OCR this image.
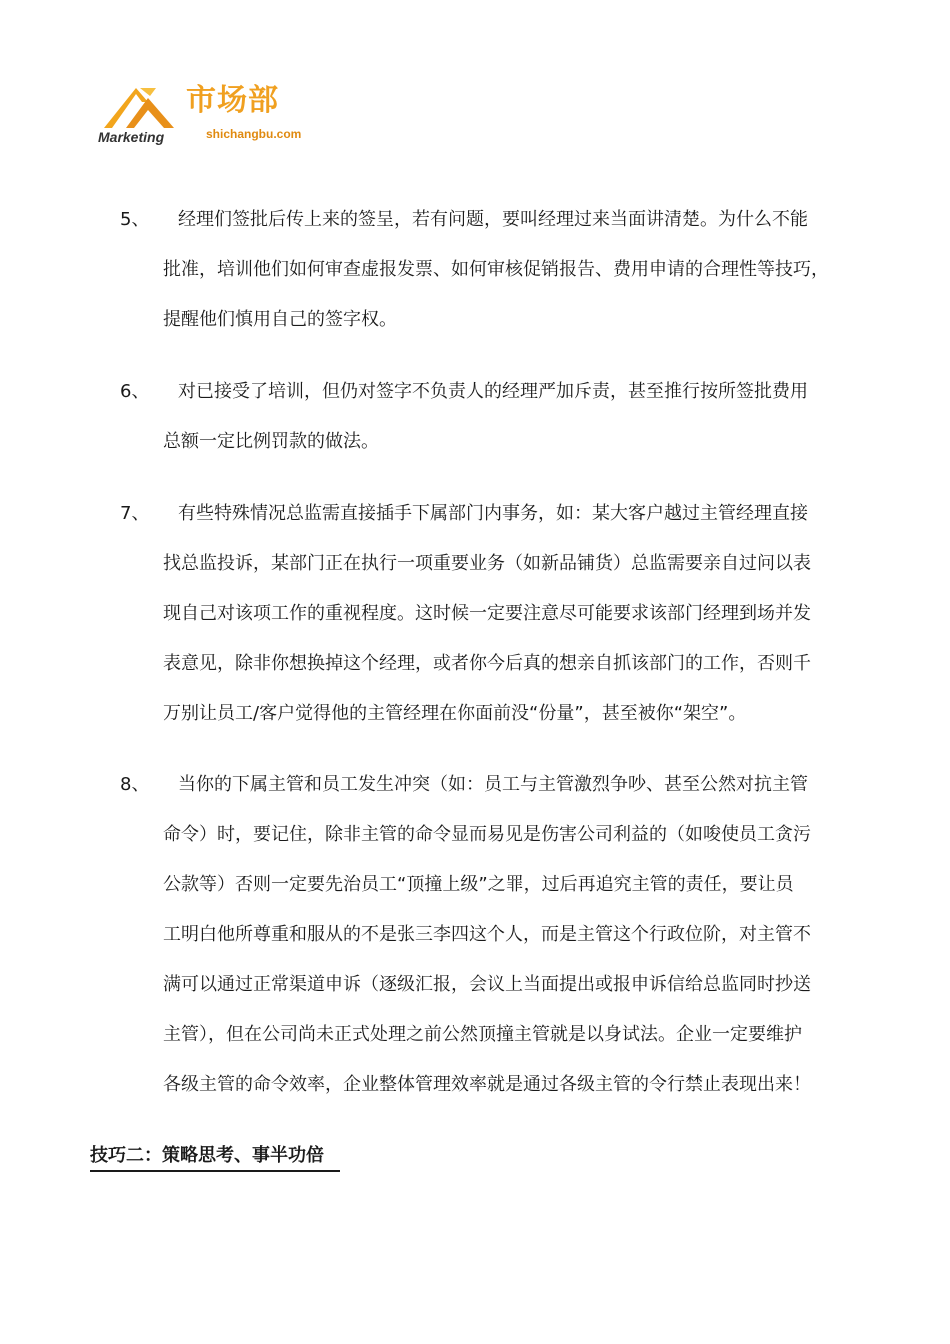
市场部
Marketing	shichangbu.com
5、 经理们签批后传上来的签呈，若有问题，要叫经理过来当面讲清楚。为什么不能
批准，培训他们如何审查虚报发票、如何审核促销报告、费用申请的合理性等技巧，
提醒他们慎用自己的签字权。
6、 对已接受了培训，但仍对签字不负责人的经理严加斥责，甚至推行按所签批费用
总额一定比例罚款的做法。
7、 有些特殊情况总监需直接插手下属部门内事务，如：某大客户越过主管经理直接
找总监投诉，某部门正在执行一项重要业务（如新品铺货）总监需要亲自过问以表
现自己对该项工作的重视程度。这时候一定要注意尽可能要求该部门经理到场并发
表意见，除非你想换掉这个经理，或者你今后真的想亲自抓该部门的工作，否则千
万别让员工/客户觉得他的主管经理在你面前没“份量”，甚至被你“架空”。
8、 当你的下属主管和员工发生冲突（如：员工与主管激烈争吵、甚至公然对抗主管
命令）时，要记住，除非主管的命令显而易见是伤害公司利益的（如唆使员工贪污
公款等）否则一定要先治员工“顶撞上级”之罪，过后再追究主管的责任，要让员
工明白他所尊重和服从的不是张三李四这个人，而是主管这个行政位阶，对主管不
满可以通过正常渠道申诉（逐级汇报，会议上当面提出或报申诉信给总监同时抄送
主管），但在公司尚未正式处理之前公然顶撞主管就是以身试法。企业一定要维护
各级主管的命令效率，企业整体管理效率就是通过各级主管的令行禁止表现出来！
技巧二：策略思考、事半功倍
